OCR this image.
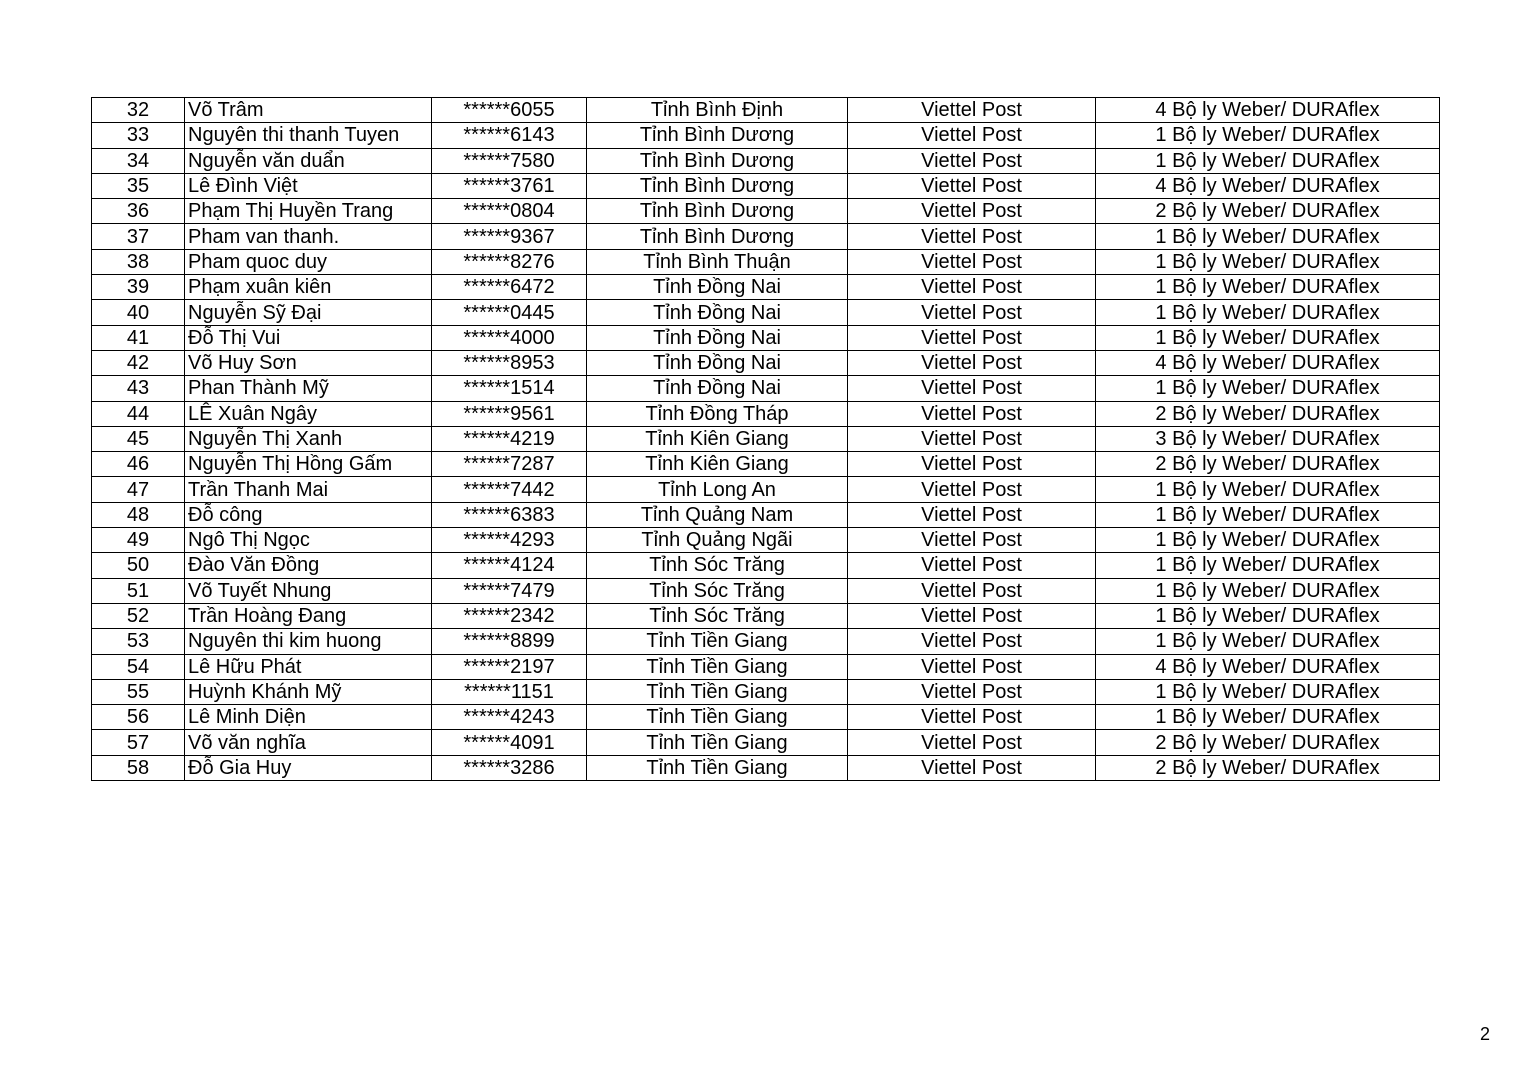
32	Võ Trâm	******6055	Tỉnh Bình Định	Viettel Post	4 Bộ ly Weber/ DURAflex
33	Nguyên thi thanh Tuyen	******6143	Tỉnh Bình Dương	Viettel Post	1 Bộ ly Weber/ DURAflex
34	Nguyễn văn duẩn	******7580	Tỉnh Bình Dương	Viettel Post	1 Bộ ly Weber/ DURAflex
35	Lê Đình Việt	******3761	Tỉnh Bình Dương	Viettel Post	4 Bộ ly Weber/ DURAflex
36	Phạm Thị Huyền Trang	******0804	Tỉnh Bình Dương	Viettel Post	2 Bộ ly Weber/ DURAflex
37	Pham van thanh.	******9367	Tỉnh Bình Dương	Viettel Post	1 Bộ ly Weber/ DURAflex
38	Pham quoc duy	******8276	Tỉnh Bình Thuận	Viettel Post	1 Bộ ly Weber/ DURAflex
39	Phạm xuân kiên	******6472	Tỉnh Đồng Nai	Viettel Post	1 Bộ ly Weber/ DURAflex
40	Nguyễn Sỹ Đại	******0445	Tỉnh Đồng Nai	Viettel Post	1 Bộ ly Weber/ DURAflex
41	Đỗ Thị Vui	******4000	Tỉnh Đồng Nai	Viettel Post	1 Bộ ly Weber/ DURAflex
42	Võ Huy Sơn	******8953	Tỉnh Đồng Nai	Viettel Post	4 Bộ ly Weber/ DURAflex
43	Phan Thành Mỹ	******1514	Tỉnh Đồng Nai	Viettel Post	1 Bộ ly Weber/ DURAflex
44	LÊ Xuân Ngây	******9561	Tỉnh Đồng Tháp	Viettel Post	2 Bộ ly Weber/ DURAflex
45	Nguyễn Thị Xanh	******4219	Tỉnh Kiên Giang	Viettel Post	3 Bộ ly Weber/ DURAflex
46	Nguyễn Thị Hồng Gấm	******7287	Tỉnh Kiên Giang	Viettel Post	2 Bộ ly Weber/ DURAflex
47	Trần Thanh Mai	******7442	Tỉnh Long An	Viettel Post	1 Bộ ly Weber/ DURAflex
48	Đỗ công	******6383	Tỉnh Quảng Nam	Viettel Post	1 Bộ ly Weber/ DURAflex
49	Ngô Thị Ngọc	******4293	Tỉnh Quảng Ngãi	Viettel Post	1 Bộ ly Weber/ DURAflex
50	Đào Văn Đồng	******4124	Tỉnh Sóc Trăng	Viettel Post	1 Bộ ly Weber/ DURAflex
51	Võ Tuyết Nhung	******7479	Tỉnh Sóc Trăng	Viettel Post	1 Bộ ly Weber/ DURAflex
52	Trần Hoàng Đang	******2342	Tỉnh Sóc Trăng	Viettel Post	1 Bộ ly Weber/ DURAflex
53	Nguyên thi kim huong	******8899	Tỉnh Tiền Giang	Viettel Post	1 Bộ ly Weber/ DURAflex
54	Lê Hữu Phát	******2197	Tỉnh Tiền Giang	Viettel Post	4 Bộ ly Weber/ DURAflex
55	Huỳnh Khánh Mỹ	******1151	Tỉnh Tiền Giang	Viettel Post	1 Bộ ly Weber/ DURAflex
56	Lê Minh Diện	******4243	Tỉnh Tiền Giang	Viettel Post	1 Bộ ly Weber/ DURAflex
57	Võ văn nghĩa	******4091	Tỉnh Tiền Giang	Viettel Post	2 Bộ ly Weber/ DURAflex
58	Đỗ Gia Huy	******3286	Tỉnh Tiền Giang	Viettel Post	2 Bộ ly Weber/ DURAflex
2
